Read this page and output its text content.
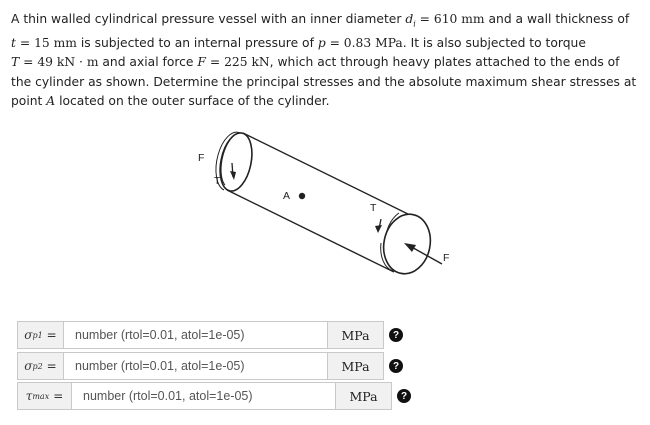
A thin walled cylindrical pressure vessel with an inner diameter $d_i = 610$ mm and a wall thickness of
t = 15 mm is subjected to an internal pressure of p = 0.83 MPa. It is also subjected to torque
T = 49 kN · m and axial force F = 225 kN, which act through heavy plates attached to the ends of the cylinder as shown. Determine the principal stresses and the absolute maximum shear stresses at point A located on the outer surface of the cylinder.

F
T
A
T
F
σ p1 =
number (rtol=0.01, atol=1e-05)	MPa	?
σ p2 =
number (rtol=0.01, atol=1e-05)	MPa	?
τ max =
number (rtol=0.01, atol=1e-05)	MPa	?
